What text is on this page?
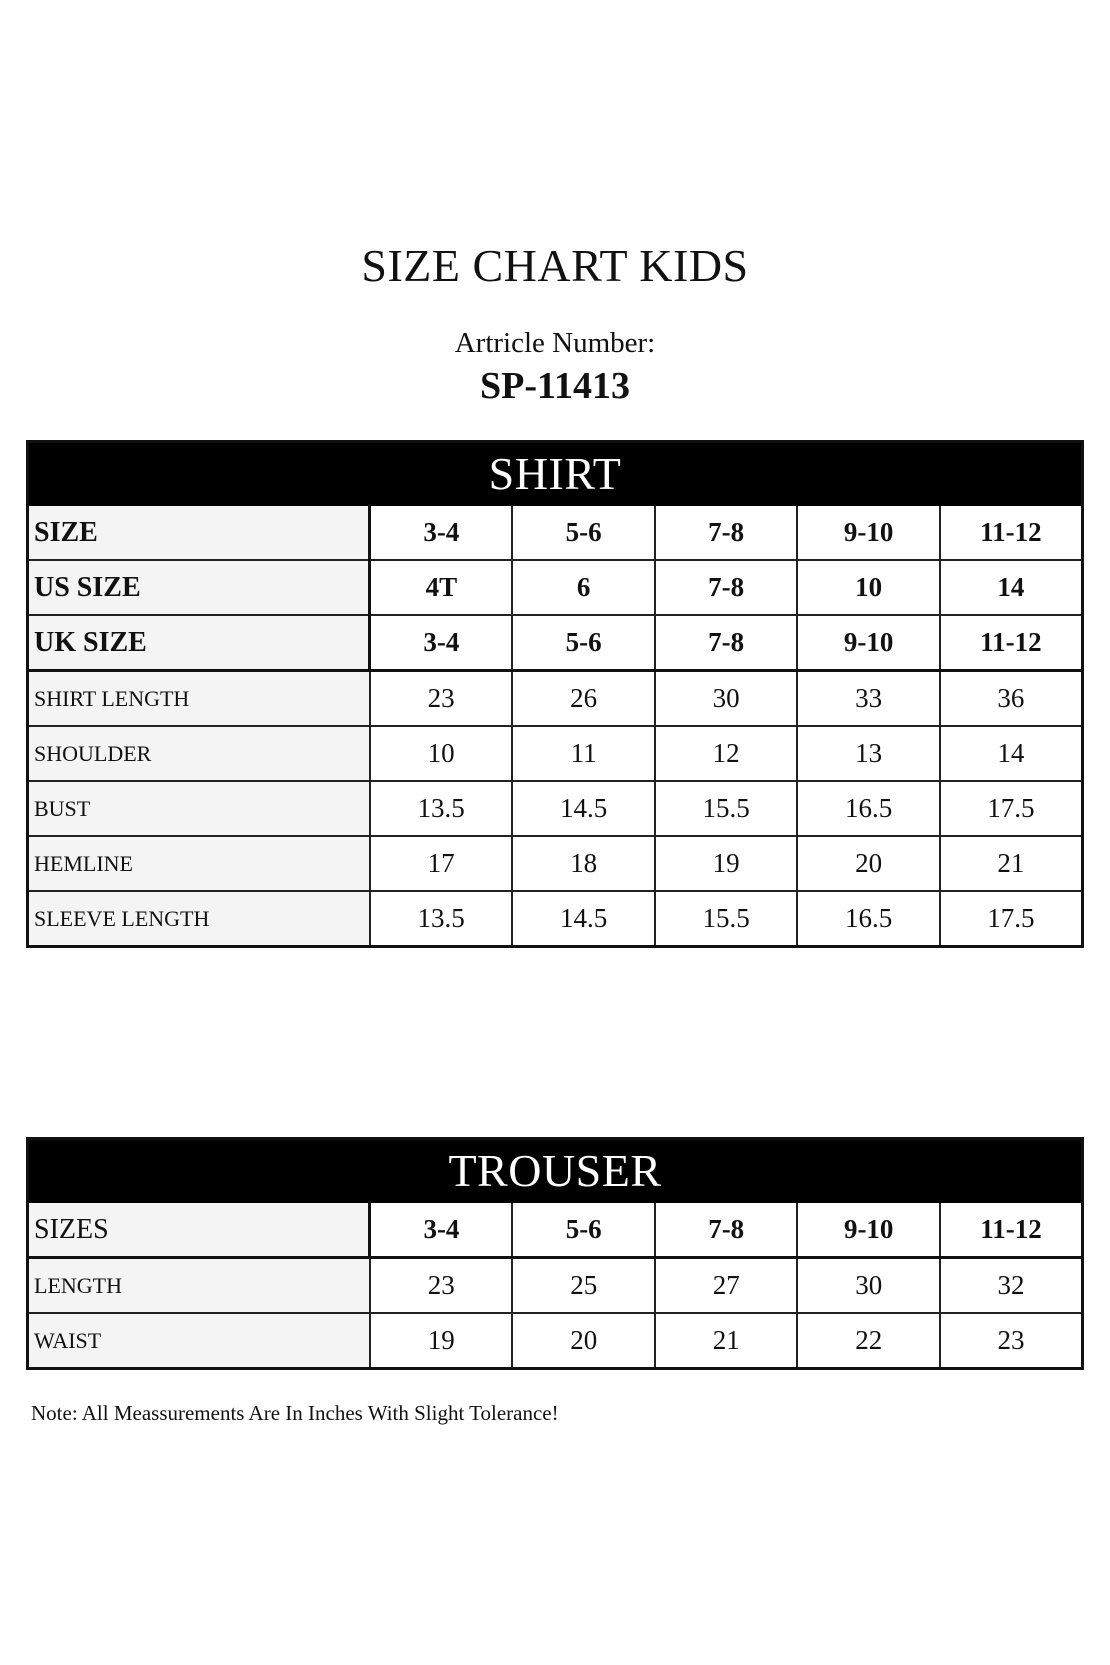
SIZE CHART KIDS
Artricle Number:
SP-11413
SHIRT					
SIZE	3-4	5-6	7-8	9-10	11-12
US SIZE	4T	6	7-8	10	14
UK SIZE	3-4	5-6	7-8	9-10	11-12
SHIRT LENGTH	23	26	30	33	36
SHOULDER	10	11	12	13	14
BUST	13.5	14.5	15.5	16.5	17.5
HEMLINE	17	18	19	20	21
SLEEVE LENGTH	13.5	14.5	15.5	16.5	17.5
TROUSER					
SIZES	3-4	5-6	7-8	9-10	11-12
LENGTH	23	25	27	30	32
WAIST	19	20	21	22	23
Note: All Meassurements Are In Inches With Slight Tolerance!
